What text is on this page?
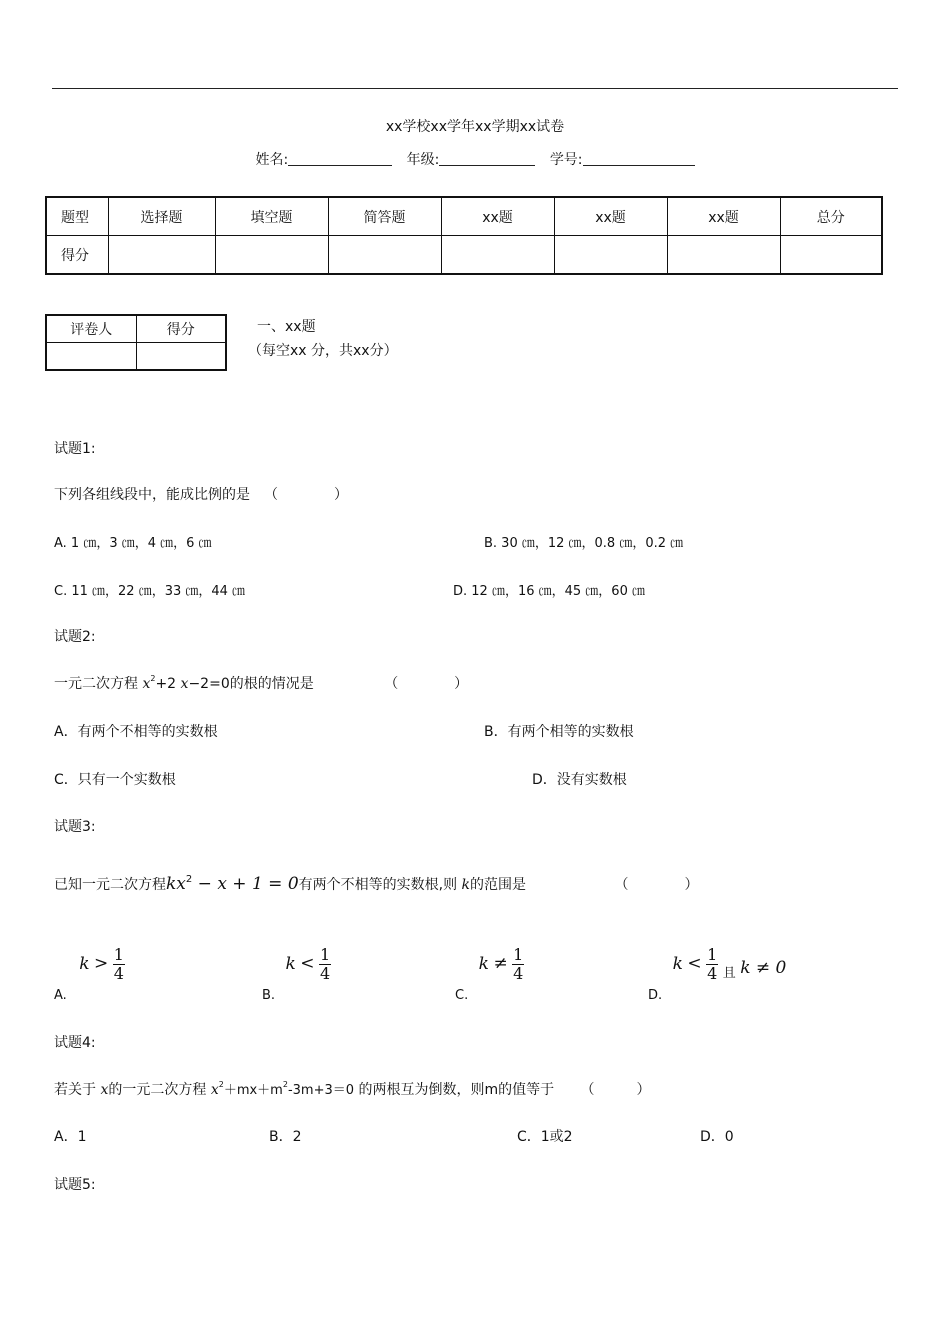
xx学校xx学年xx学期xx试卷
姓名:	年级:	学号:
题型	选择题	填空题	简答题	xx题	xx题	xx题	总分
得分							
评卷人	得分
		一、xx题
（每空xx 分，共xx分）
试题1:
下列各组线段中，能成比例的是 （　　　　）
A. 1 ㎝，3 ㎝，4 ㎝，6 ㎝	B. 30 ㎝，12 ㎝，0.8 ㎝，0.2 ㎝
C. 11 ㎝，22 ㎝，33 ㎝，44 ㎝	D. 12 ㎝，16 ㎝，45 ㎝，60 ㎝
试题2:
一元二次方程 $x^2+2$ x−2=0的根的情况是	（　　　　）
A．有两个不相等的实数根	B．有两个相等的实数根
C．只有一个实数根	D．没有实数根
试题3:
已知一元二次方程$kx^2 - x + 1 = 0$有两个不相等的实数根,则 k的范围是	（　　　　）
A. $k > \frac{1}{4}$
B. $k < \frac{1}{4}$
C. $k \ne \frac{1}{4}$
D. $k < \frac{1}{4}$ 且 k ≠ 0
试题4:
若关于 x的一元二次方程 $x^2+mx+m^2-3m+3=0$ 的两根互为倒数，则m的值等于 （　　　）
A．1	B．2	C．1或2	D．0
试题5:
